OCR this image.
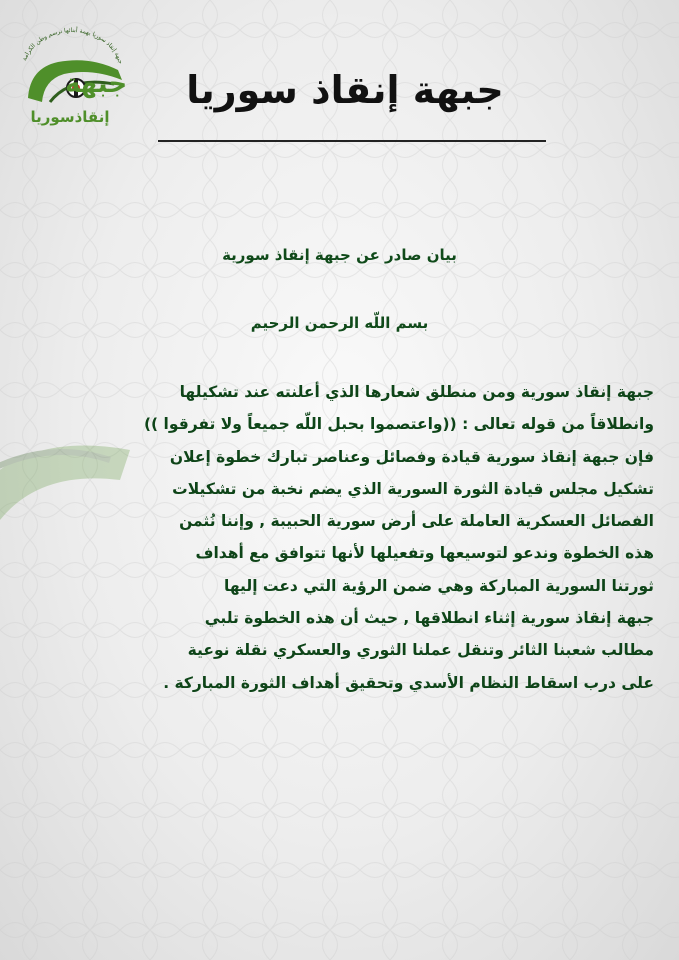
جبهة إنقاذ سوريا بهمة أبنائها نرسم وطن الكرامة
جبهة
إنقاذسوريا
جبهة إنقاذ سوريا
بيان صادر عن جبهة إنقاذ سورية
بسم اللّه الرحمن الرحيم
جبهة إنقاذ سورية ومن منطلق شعارها الذي أعلنته عند تشكيلها
وانطلاقاً من قوله تعالى : ((واعتصموا بحبل اللّه جميعاً ولا تفرقوا ))
فإن جبهة إنقاذ سورية قيادة وفصائل وعناصر تبارك خطوة إعلان
تشكيل مجلس قيادة الثورة السورية الذي يضم نخبة من تشكيلات
الفصائل العسكرية العاملة على أرض سورية الحبيبة , وإننا نُثمن
هذه الخطوة وندعو لتوسيعها وتفعيلها لأنها تتوافق مع أهداف
ثورتنا السورية المباركة وهي ضمن الرؤية التي دعت إليها
جبهة إنقاذ سورية إثناء انطلاقها , حيث أن هذه الخطوة تلبي
مطالب شعبنا الثائر وتنقل عملنا الثوري والعسكري نقلة نوعية
على درب اسقاط النظام الأسدي وتحقيق أهداف الثورة المباركة .
